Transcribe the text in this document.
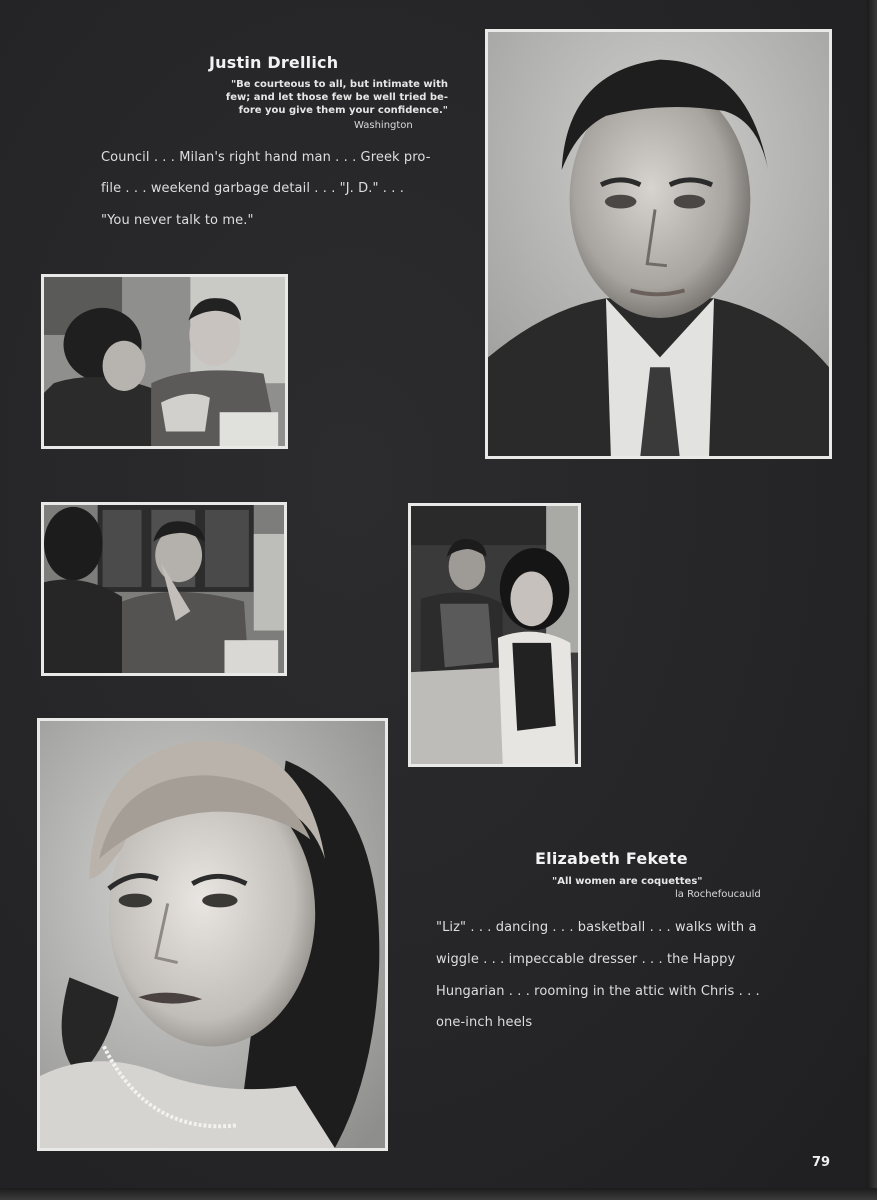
Justin Drellich
"Be courteous to all, but intimate with
few; and let those few be well tried be-
fore you give them your confidence."
Washington
Council . . . Milan's right hand man . . . Greek pro-
file . . . weekend garbage detail . . . "J. D." . . .
"You never talk to me."
Elizabeth Fekete
"All women are coquettes"
la Rochefoucauld
"Liz" . . . dancing . . . basketball . . . walks with a
wiggle . . . impeccable dresser . . . the Happy
Hungarian . . . rooming in the attic with Chris . . .
one-inch heels
79
